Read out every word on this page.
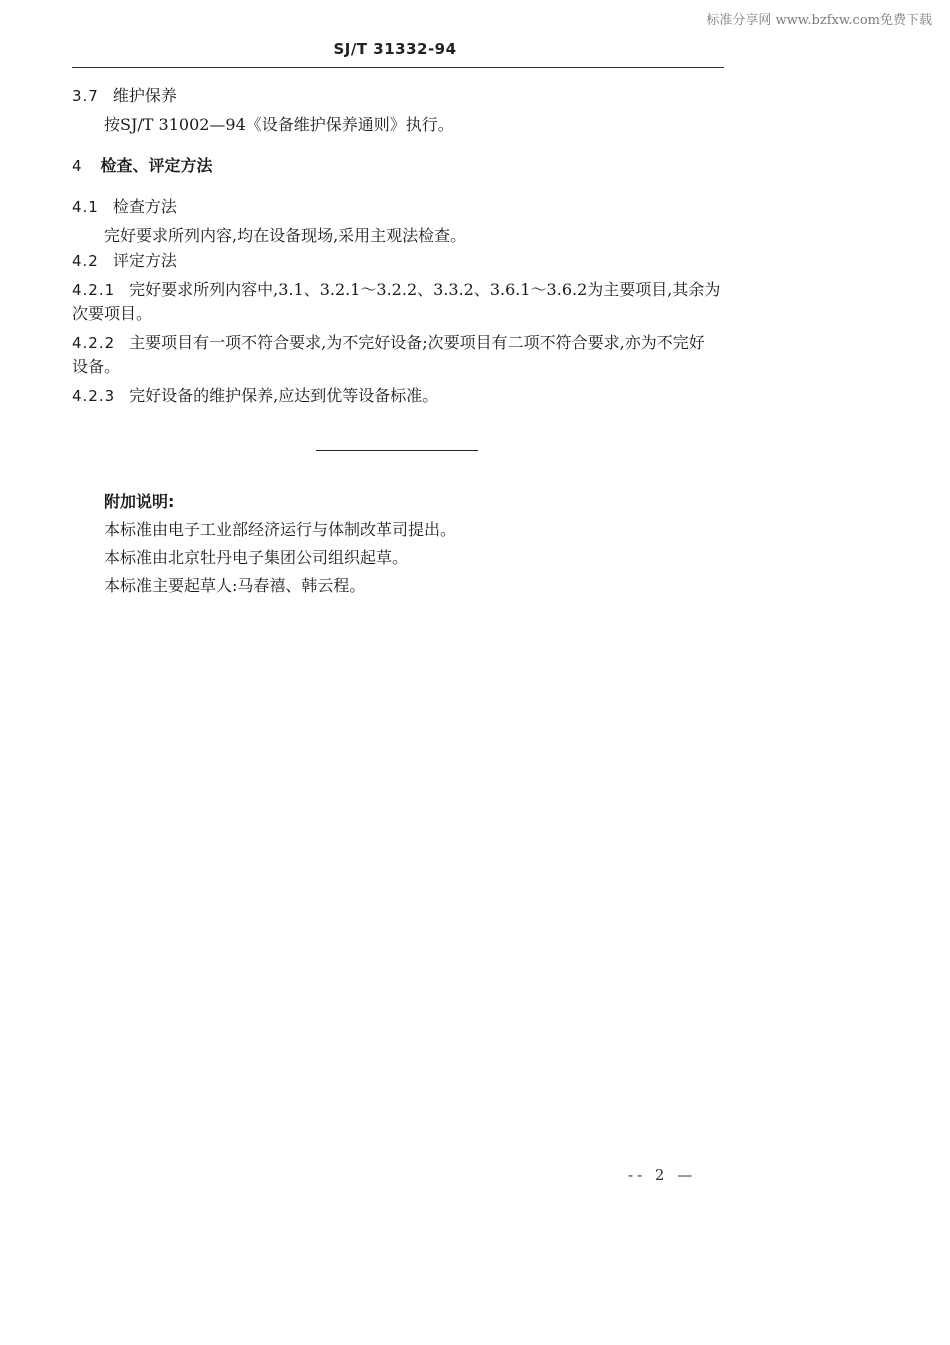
标准分享网 www.bzfxw.com免费下载
SJ/T 31332-94
3.7 维护保养
按SJ/T 31002—94《设备维护保养通则》执行。
4 检查、评定方法
4.1 检查方法
完好要求所列内容,均在设备现场,采用主观法检查。
4.2 评定方法
4.2.1 完好要求所列内容中,3.1、3.2.1～3.2.2、3.3.2、3.6.1～3.6.2为主要项目,其余为
次要项目。
4.2.2 主要项目有一项不符合要求,为不完好设备;次要项目有二项不符合要求,亦为不完好
设备。
4.2.3 完好设备的维护保养,应达到优等设备标准。
附加说明:
本标准由电子工业部经济运行与体制改革司提出。
本标准由北京牡丹电子集团公司组织起草。
本标准主要起草人:马春禧、韩云程。
-- 2 —
